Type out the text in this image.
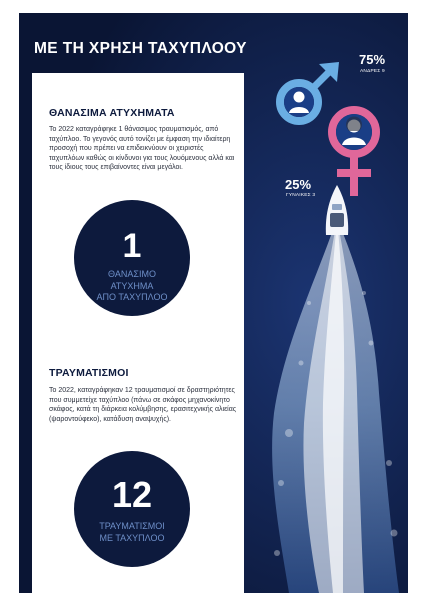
ΜΕ ΤΗ ΧΡΗΣΗ ΤΑΧΥΠΛΟΟΥ
75%
ΑΝΔΡΕΣ 9
25%
ΓΥΝΑΙΚΕΣ 3
ΘΑΝΑΣΙΜΑ ΑΤΥΧΗΜΑΤΑ

Το 2022 καταγράφηκε 1 θάνασιμος τραυματισμός, από ταχύπλοο. Το γεγονός αυτό τονίζει με έμφαση την ιδιαίτερη προσοχή που πρέπει να επιδεικνύουν οι χειριστές ταχυπλόων καθώς οι κίνδυνοι για τους λουόμενους αλλά και τους ίδιους τους επιβαίνοντες είναι μεγάλοι.

1
ΘΑΝΑΣΙΜΟ
ΑΤΥΧΗΜΑ
ΑΠΟ ΤΑΧΥΠΛΟΟ
ΤΡΑΥΜΑΤΙΣΜΟΙ

Το 2022, καταγράφηκαν 12 τραυματισμοί σε δραστηριότητες που συμμετείχε ταχύπλοο (πάνω σε σκάφος μηχανοκίνητο σκάφος, κατά τη διάρκεια κολύμβησης, ερασιτεχνικής αλιείας (ψαροντούφεκο), κατάδυση αναψυχής).

12
ΤΡΑΥΜΑΤΙΣΜΟΙ
ΜΕ ΤΑΧΥΠΛΟΟ
